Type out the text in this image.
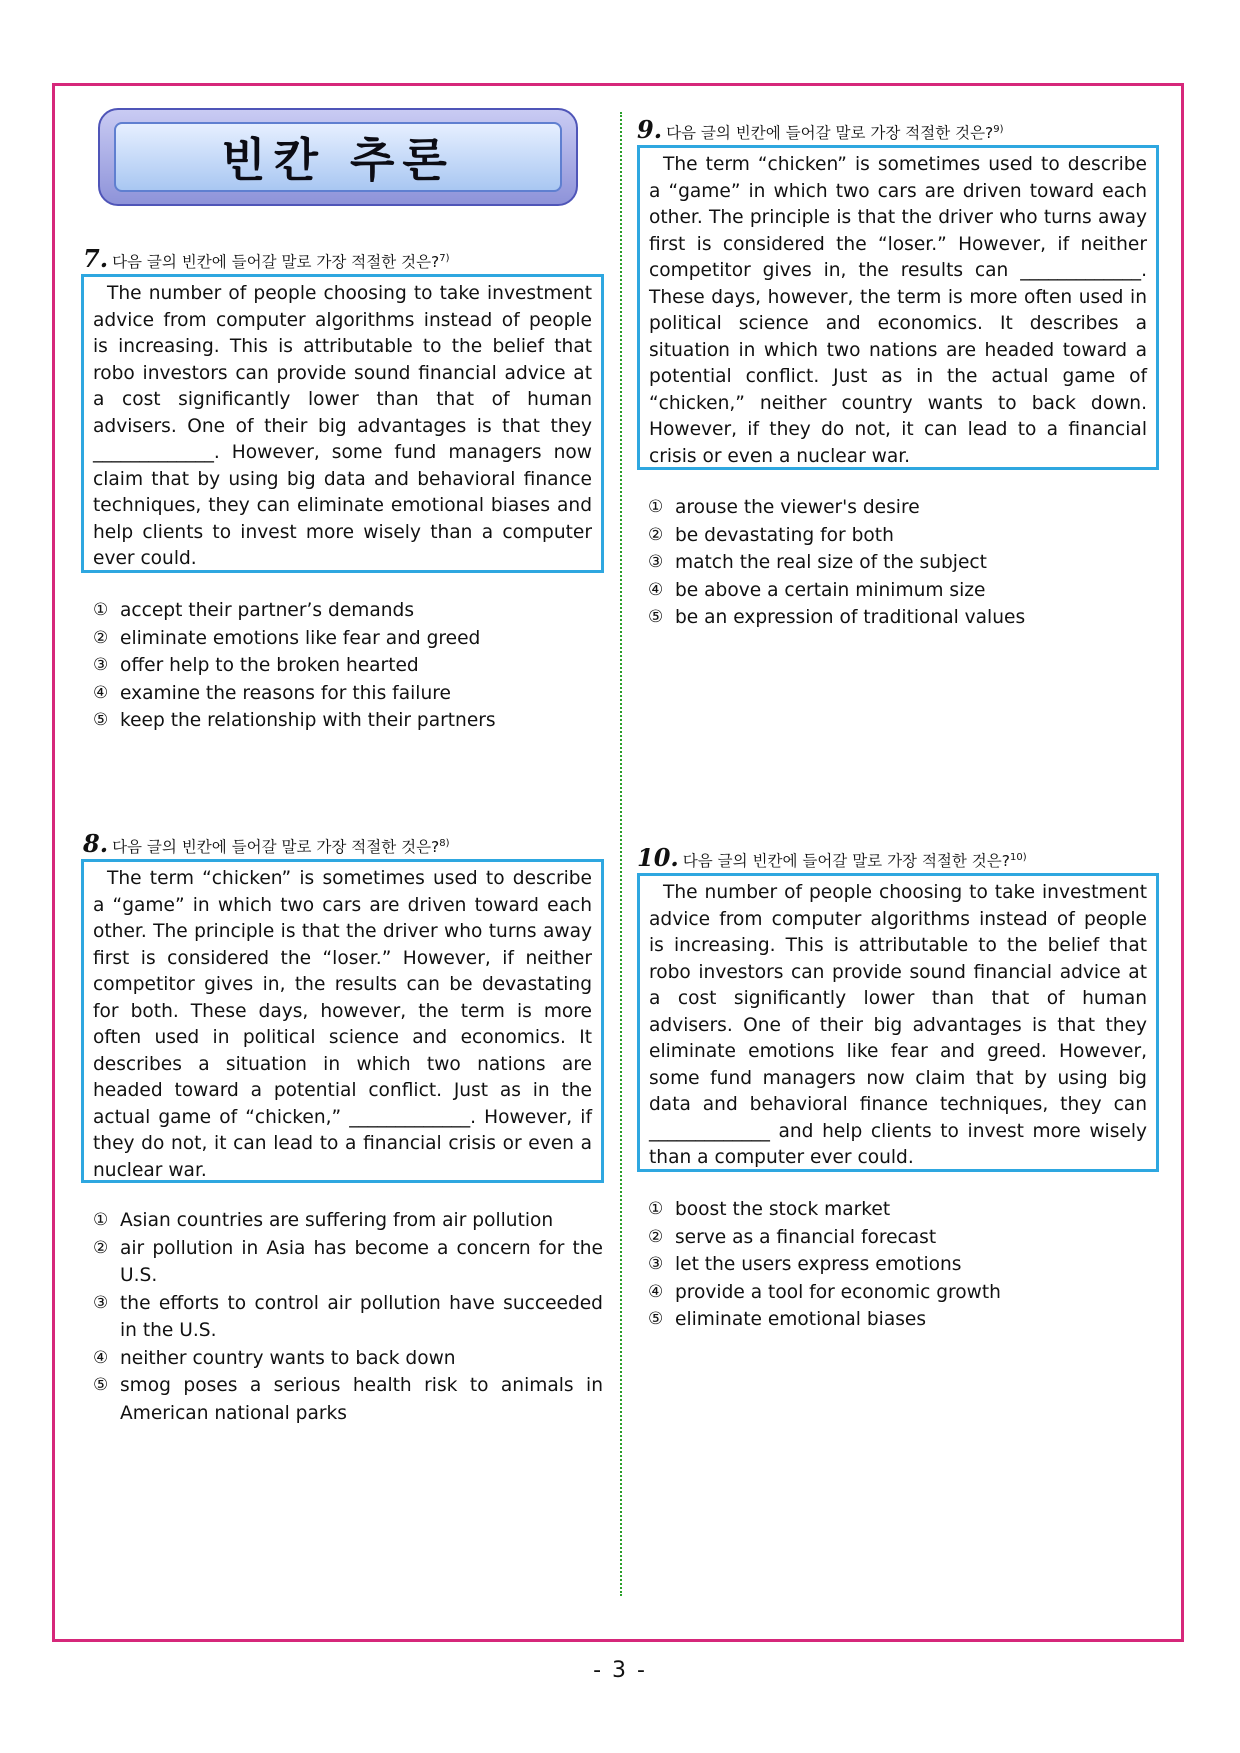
빈칸 추론
7. 다음 글의 빈칸에 들어갈 말로 가장 적절한 것은?$^{7)}$

The number of people choosing to take investment advice from computer algorithms instead of people is increasing. This is attributable to the belief that robo investors can provide sound financial advice at a cost significantly lower than that of human advisers. One of their big advantages is that they _____________. However, some fund managers now claim that by using big data and behavioral finance techniques, they can eliminate emotional biases and help clients to invest more wisely than a computer ever could.

① accept their partner’s demands
② eliminate emotions like fear and greed
③ offer help to the broken hearted
④ examine the reasons for this failure
⑤ keep the relationship with their partners
8. 다음 글의 빈칸에 들어갈 말로 가장 적절한 것은?$^{8)}$

The term “chicken” is sometimes used to describe a “game” in which two cars are driven toward each other. The principle is that the driver who turns away first is considered the “loser.” However, if neither competitor gives in, the results can be devastating for both. These days, however, the term is more often used in political science and economics. It describes a situation in which two nations are headed toward a potential conflict. Just as in the actual game of “chicken,” _____________. However, if they do not, it can lead to a financial crisis or even a nuclear war.

① Asian countries are suffering from air pollution
② air pollution in Asia has become a concern for the U.S.
③ the efforts to control air pollution have succeeded in the U.S.
④ neither country wants to back down
⑤ smog poses a serious health risk to animals in American national parks
9. 다음 글의 빈칸에 들어갈 말로 가장 적절한 것은?$^{9)}$

The term “chicken” is sometimes used to describe a “game” in which two cars are driven toward each other. The principle is that the driver who turns away first is considered the “loser.” However, if neither competitor gives in, the results can _____________. These days, however, the term is more often used in political science and economics. It describes a situation in which two nations are headed toward a potential conflict. Just as in the actual game of “chicken,” neither country wants to back down. However, if they do not, it can lead to a financial crisis or even a nuclear war.

① arouse the viewer's desire
② be devastating for both
③ match the real size of the subject
④ be above a certain minimum size
⑤ be an expression of traditional values
10. 다음 글의 빈칸에 들어갈 말로 가장 적절한 것은?$^{10)}$

The number of people choosing to take investment advice from computer algorithms instead of people is increasing. This is attributable to the belief that robo investors can provide sound financial advice at a cost significantly lower than that of human advisers. One of their big advantages is that they eliminate emotions like fear and greed. However, some fund managers now claim that by using big data and behavioral finance techniques, they can _____________ and help clients to invest more wisely than a computer ever could.

① boost the stock market
② serve as a financial forecast
③ let the users express emotions
④ provide a tool for economic growth
⑤ eliminate emotional biases
- 3 -
